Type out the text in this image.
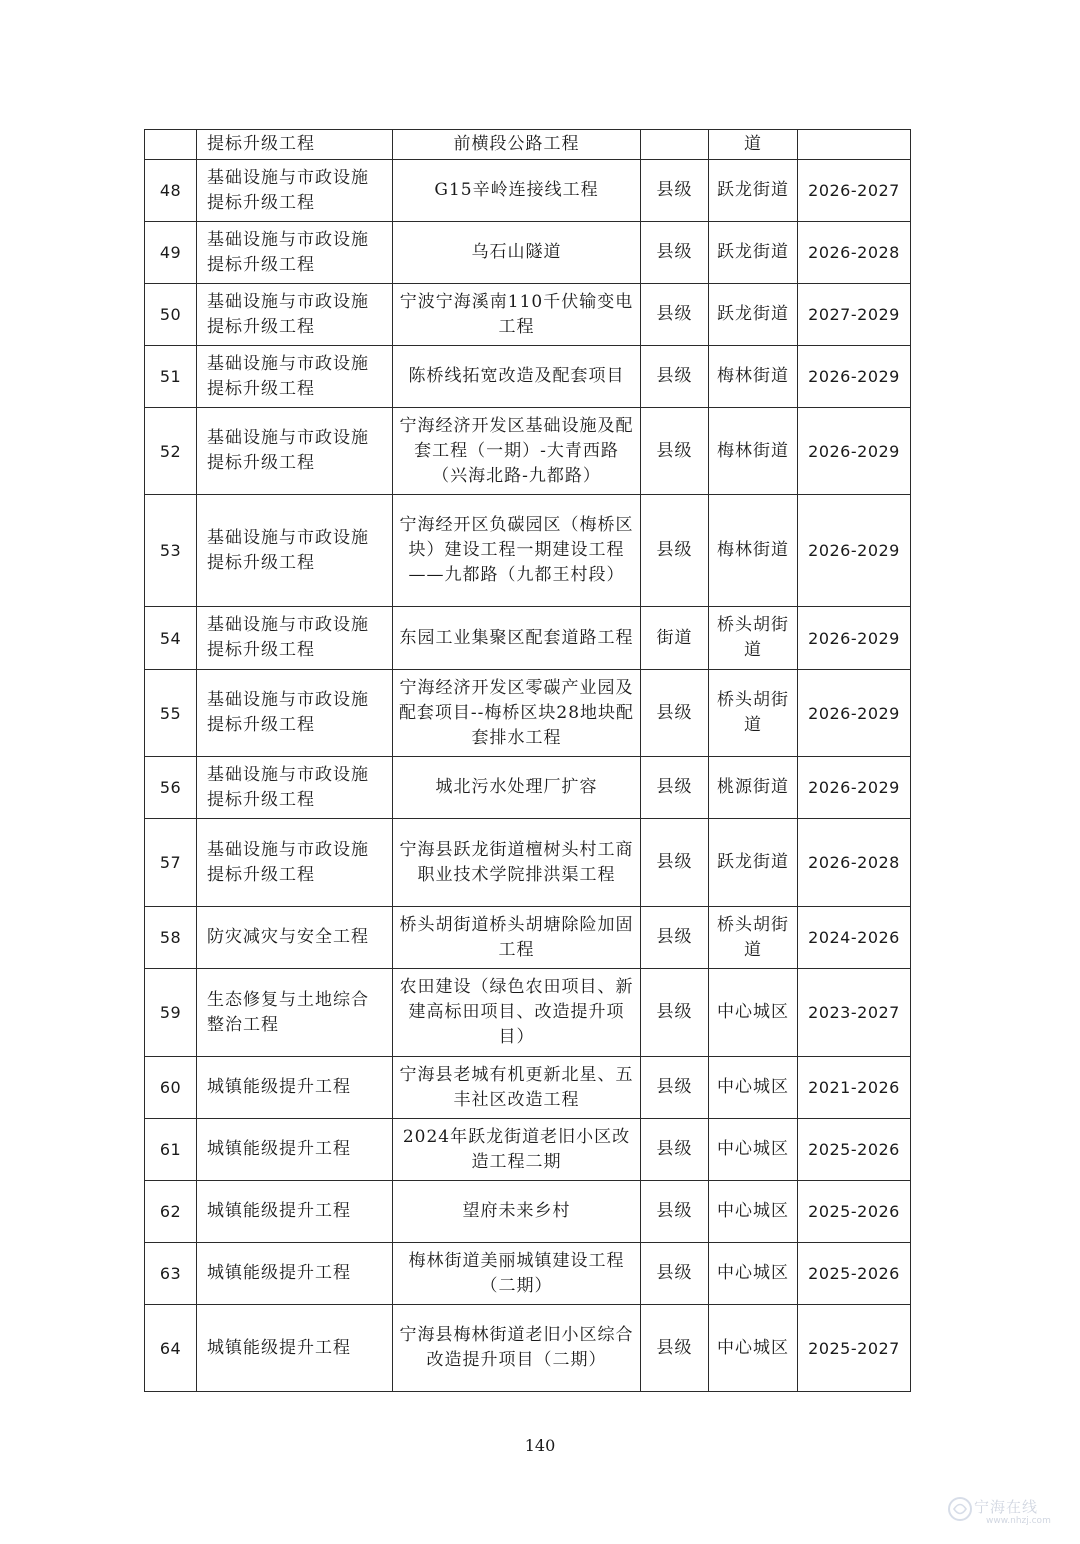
	提标升级工程	前横段公路工程		道	
48	基础设施与市政设施提标升级工程	G15辛岭连接线工程	县级	跃龙街道	2026-2027
49	基础设施与市政设施提标升级工程	乌石山隧道	县级	跃龙街道	2026-2028
50	基础设施与市政设施提标升级工程	宁波宁海溪南110千伏输变电工程	县级	跃龙街道	2027-2029
51	基础设施与市政设施提标升级工程	陈桥线拓宽改造及配套项目	县级	梅林街道	2026-2029
52	基础设施与市政设施提标升级工程	宁海经济开发区基础设施及配套工程（一期）-大青西路（兴海北路-九都路）	县级	梅林街道	2026-2029
53	基础设施与市政设施提标升级工程	宁海经开区负碳园区（梅桥区块）建设工程一期建设工程——九都路（九都王村段）	县级	梅林街道	2026-2029
54	基础设施与市政设施提标升级工程	东园工业集聚区配套道路工程	街道	桥头胡街道	2026-2029
55	基础设施与市政设施提标升级工程	宁海经济开发区零碳产业园及配套项目--梅桥区块28地块配套排水工程	县级	桥头胡街道	2026-2029
56	基础设施与市政设施提标升级工程	城北污水处理厂扩容	县级	桃源街道	2026-2029
57	基础设施与市政设施提标升级工程	宁海县跃龙街道檀树头村工商职业技术学院排洪渠工程	县级	跃龙街道	2026-2028
58	防灾减灾与安全工程	桥头胡街道桥头胡塘除险加固工程	县级	桥头胡街道	2024-2026
59	生态修复与土地综合整治工程	农田建设（绿色农田项目、新建高标田项目、改造提升项目）	县级	中心城区	2023-2027
60	城镇能级提升工程	宁海县老城有机更新北星、五丰社区改造工程	县级	中心城区	2021-2026
61	城镇能级提升工程	2024年跃龙街道老旧小区改造工程二期	县级	中心城区	2025-2026
62	城镇能级提升工程	望府未来乡村	县级	中心城区	2025-2026
63	城镇能级提升工程	梅林街道美丽城镇建设工程（二期）	县级	中心城区	2025-2026
64	城镇能级提升工程	宁海县梅林街道老旧小区综合改造提升项目（二期）	县级	中心城区	2025-2027
140
宁海在线
www.nhzj.com
